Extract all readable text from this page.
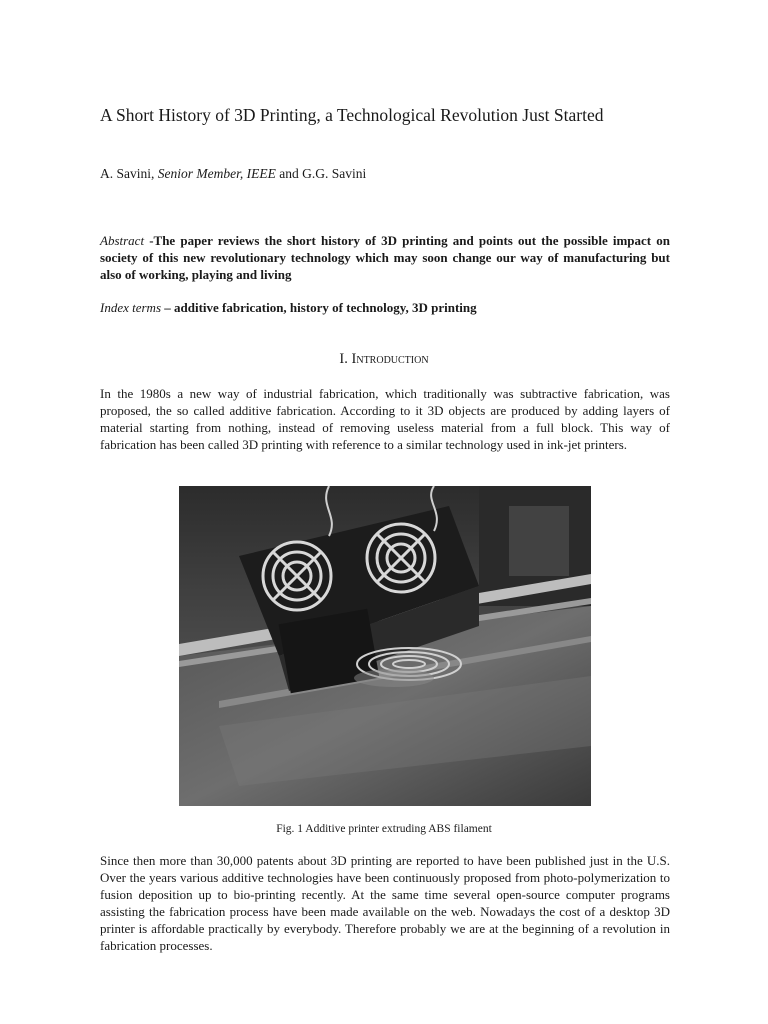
A Short History of 3D Printing, a Technological Revolution Just Started
A. Savini, Senior Member, IEEE and G.G. Savini
Abstract -The paper reviews the short history of 3D printing and points out the possible impact on society of this new revolutionary technology which may soon change our way of manufacturing but also of working, playing and living
Index terms – additive fabrication, history of technology, 3D printing
I. Introduction
In the 1980s a new way of industrial fabrication, which traditionally was subtractive fabrication, was proposed, the so called additive fabrication. According to it 3D objects are produced by adding layers of material starting from nothing, instead of removing useless material from a full block. This way of fabrication has been called 3D printing with reference to a similar technology used in ink-jet printers.
Fig. 1 Additive printer extruding ABS filament
Since then more than 30,000 patents about 3D printing are reported to have been published just in the U.S. Over the years various additive technologies have been continuously proposed from photo-polymerization to fusion deposition up to bio-printing recently. At the same time several open-source computer programs assisting the fabrication process have been made available on the web. Nowadays the cost of a desktop 3D printer is affordable practically by everybody. Therefore probably we are at the beginning of a revolution in fabrication processes.
